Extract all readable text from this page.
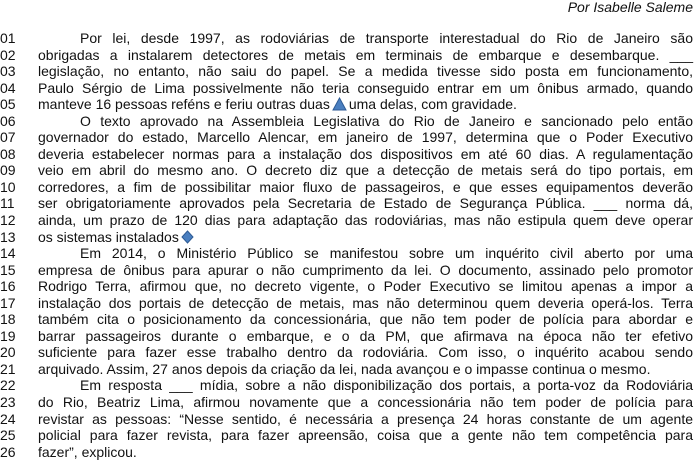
Por Isabelle Saleme
01	Por lei, desde 1997, as rodoviárias de transporte interestadual do Rio de Janeiro são
02	obrigadas a instalarem detectores de metais em terminais de embarque e desembarque. ___
03	legislação, no entanto, não saiu do papel. Se a medida tivesse sido posta em funcionamento,
04	Paulo Sérgio de Lima possivelmente não teria conseguido entrar em um ônibus armado, quando
05	manteve 16 pessoas reféns e feriu outras duas uma delas, com gravidade.
06	O texto aprovado na Assembleia Legislativa do Rio de Janeiro e sancionado pelo então
07	governador do estado, Marcello Alencar, em janeiro de 1997, determina que o Poder Executivo
08	deveria estabelecer normas para a instalação dos dispositivos em até 60 dias. A regulamentação
09	veio em abril do mesmo ano. O decreto diz que a detecção de metais será do tipo portais, em
10	corredores, a fim de possibilitar maior fluxo de passageiros, e que esses equipamentos deverão
11	ser obrigatoriamente aprovados pela Secretaria de Estado de Segurança Pública. ___ norma dá,
12	ainda, um prazo de 120 dias para adaptação das rodoviárias, mas não estipula quem deve operar
13	os sistemas instalados
14	Em 2014, o Ministério Público se manifestou sobre um inquérito civil aberto por uma
15	empresa de ônibus para apurar o não cumprimento da lei. O documento, assinado pelo promotor
16	Rodrigo Terra, afirmou que, no decreto vigente, o Poder Executivo se limitou apenas a impor a
17	instalação dos portais de detecção de metais, mas não determinou quem deveria operá-los. Terra
18	também cita o posicionamento da concessionária, que não tem poder de polícia para abordar e
19	barrar passageiros durante o embarque, e o da PM, que afirmava na época não ter efetivo
20	suficiente para fazer esse trabalho dentro da rodoviária. Com isso, o inquérito acabou sendo
21	arquivado. Assim, 27 anos depois da criação da lei, nada avançou e o impasse continua o mesmo.
22	Em resposta ___ mídia, sobre a não disponibilização dos portais, a porta-voz da Rodoviária
23	do Rio, Beatriz Lima, afirmou novamente que a concessionária não tem poder de polícia para
24	revistar as pessoas: “Nesse sentido, é necessária a presença 24 horas constante de um agente
25	policial para fazer revista, para fazer apreensão, coisa que a gente não tem competência para
26	fazer”, explicou.
